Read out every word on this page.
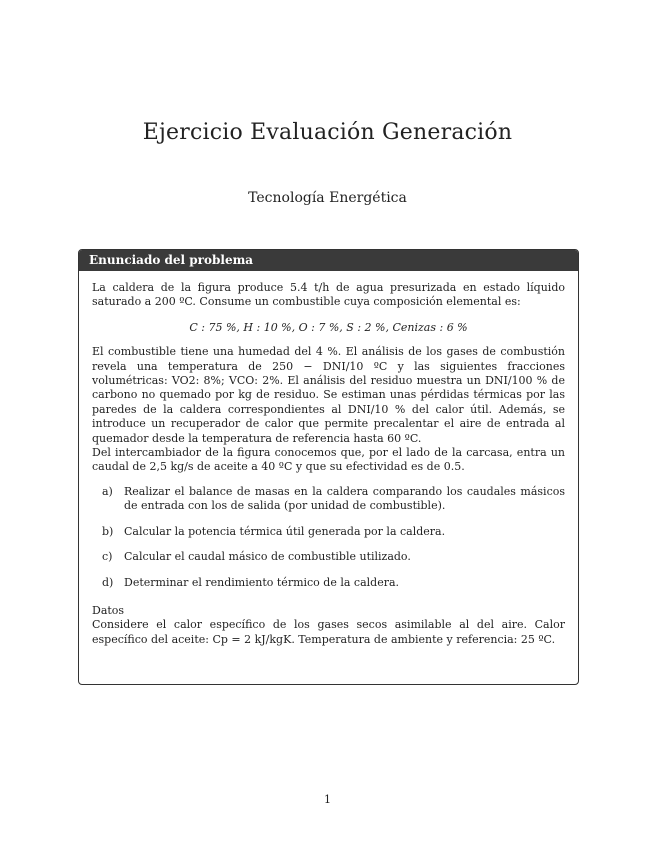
Ejercicio Evaluación Generación
Tecnología Energética
Enunciado del problema

La caldera de la figura produce 5.4 t/h de agua presurizada en estado líquido saturado a 200 ºC. Consume un combustible cuya composición elemental es:

C : 75 %, H : 10 %, O : 7 %, S : 2 %, Cenizas : 6 %

El combustible tiene una humedad del 4 %. El análisis de los gases de combustión revela una temperatura de 250 − DNI/10 ºC y las siguientes fracciones volumétricas: VO2: 8%; VCO: 2%. El análisis del residuo muestra un DNI/100 % de carbono no quemado por kg de residuo. Se estiman unas pérdidas térmicas por las paredes de la caldera correspondientes al DNI/10 % del calor útil. Además, se introduce un recuperador de calor que permite precalentar el aire de entrada al quemador desde la temperatura de referencia hasta 60 ºC.

Del intercambiador de la figura conocemos que, por el lado de la carcasa, entra un caudal de 2,5 kg/s de aceite a 40 ºC y que su efectividad es de 0.5.

a)	Realizar el balance de masas en la caldera comparando los caudales másicos de entrada con los de salida (por unidad de combustible).
b) Calcular la potencia térmica útil generada por la caldera.
c)	Calcular el caudal másico de combustible utilizado.
d) Determinar el rendimiento térmico de la caldera.

Datos

Considere el calor específico de los gases secos asimilable al del aire. Calor específico del aceite: Cp = 2 kJ/kgK. Temperatura de ambiente y referencia: 25 ºC.

1
